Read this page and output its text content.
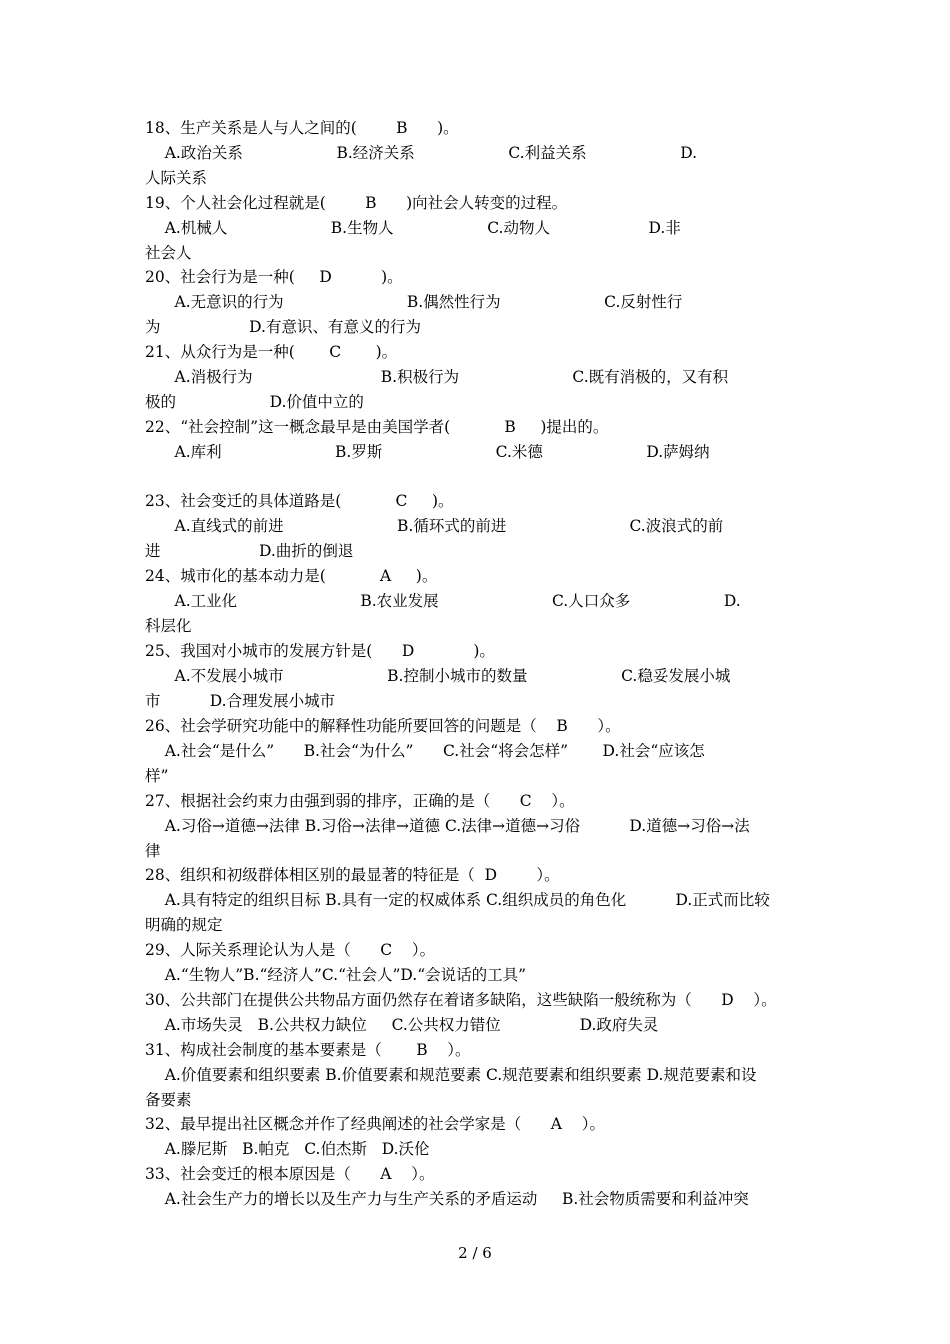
18、生产关系是人与人之间的(        B      )。
A.政治关系                   B.经济关系                   C.利益关系                   D.
人际关系
19、个人社会化过程就是(        B      )向社会人转变的过程。
A.机械人                     B.生物人                   C.动物人                    D.非
社会人
20、社会行为是一种(     D          )。
A.无意识的行为                         B.偶然性行为                     C.反射性行
为                  D.有意识、有意义的行为
21、从众行为是一种(       C       )。
A.消极行为                          B.积极行为                       C.既有消极的，又有积
极的                   D.价值中立的
22、“社会控制”这一概念最早是由美国学者(           B     )提出的。
A.库利                       B.罗斯                       C.米德                     D.萨姆纳
23、社会变迁的具体道路是(           C     )。
A.直线式的前进                       B.循环式的前进                         C.波浪式的前
进                    D.曲折的倒退
24、城市化的基本动力是(           A     )。
A.工业化                         B.农业发展                       C.人口众多                   D.
科层化
25、我国对小城市的发展方针是(      D            )。
A.不发展小城市                     B.控制小城市的数量                   C.稳妥发展小城
市          D.合理发展小城市
26、社会学研究功能中的解释性功能所要回答的问题是（    B      ）。
A.社会“是什么”      B.社会“为什么”      C.社会“将会怎样”       D.社会“应该怎
样”
27、根据社会约束力由强到弱的排序，正确的是（      C    ）。
A.习俗→道德→法律 B.习俗→法律→道德 C.法律→道德→习俗          D.道德→习俗→法
律
28、组织和初级群体相区别的最显著的特征是（  D        ）。
A.具有特定的组织目标 B.具有一定的权威体系 C.组织成员的角色化          D.正式而比较
明确的规定
29、人际关系理论认为人是（      C    ）。
A.“生物人”B.“经济人”C.“社会人”D.“会说话的工具”
30、公共部门在提供公共物品方面仍然存在着诸多缺陷，这些缺陷一般统称为（      D    ）。
A.市场失灵   B.公共权力缺位     C.公共权力错位                D.政府失灵
31、构成社会制度的基本要素是（       B    ）。
A.价值要素和组织要素 B.价值要素和规范要素 C.规范要素和组织要素 D.规范要素和设
备要素
32、最早提出社区概念并作了经典阐述的社会学家是（      A    ）。
A.滕尼斯   B.帕克   C.伯杰斯   D.沃伦
33、社会变迁的根本原因是（      A    ）。
A.社会生产力的增长以及生产力与生产关系的矛盾运动     B.社会物质需要和利益冲突
2 / 6
